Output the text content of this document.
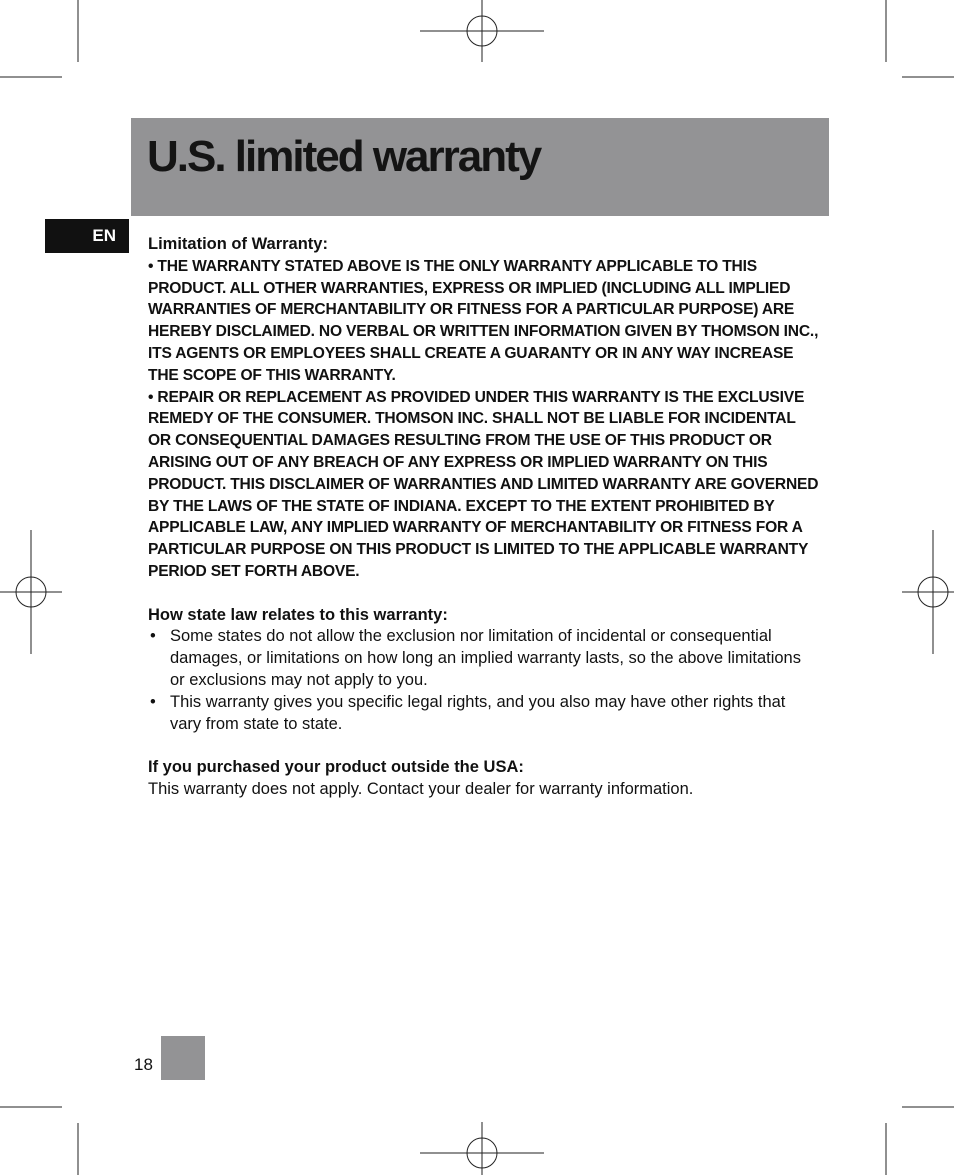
U.S. limited warranty
EN Limitation of Warranty:
• THE WARRANTY STATED ABOVE IS THE ONLY WARRANTY APPLICABLE TO THIS PRODUCT. ALL OTHER WARRANTIES, EXPRESS OR IMPLIED (INCLUDING ALL IMPLIED WARRANTIES OF MERCHANTABILITY OR FITNESS FOR A PARTICULAR PURPOSE) ARE HEREBY DISCLAIMED. NO VERBAL OR WRITTEN INFORMATION GIVEN BY THOMSON INC., ITS AGENTS OR EMPLOYEES SHALL CREATE A GUARANTY OR IN ANY WAY INCREASE THE SCOPE OF THIS WARRANTY.
• REPAIR OR REPLACEMENT AS PROVIDED UNDER THIS WARRANTY IS THE EXCLUSIVE REMEDY OF THE CONSUMER. THOMSON INC. SHALL NOT BE LIABLE FOR INCIDENTAL OR CONSEQUENTIAL DAMAGES RESULTING FROM THE USE OF THIS PRODUCT OR ARISING OUT OF ANY BREACH OF ANY EXPRESS OR IMPLIED WARRANTY ON THIS PRODUCT. THIS DISCLAIMER OF WARRANTIES AND LIMITED WARRANTY ARE GOVERNED BY THE LAWS OF THE STATE OF INDIANA. EXCEPT TO THE EXTENT PROHIBITED BY APPLICABLE LAW, ANY IMPLIED WARRANTY OF MERCHANTABILITY OR FITNESS FOR A PARTICULAR PURPOSE ON THIS PRODUCT IS LIMITED TO THE APPLICABLE WARRANTY PERIOD SET FORTH ABOVE.
How state law relates to this warranty:
• Some states do not allow the exclusion nor limitation of incidental or consequential damages, or limitations on how long an implied warranty lasts, so the above limitations or exclusions may not apply to you.
• This warranty gives you specific legal rights, and you also may have other rights that vary from state to state.
If you purchased your product outside the USA:
This warranty does not apply. Contact your dealer for warranty information.
18
